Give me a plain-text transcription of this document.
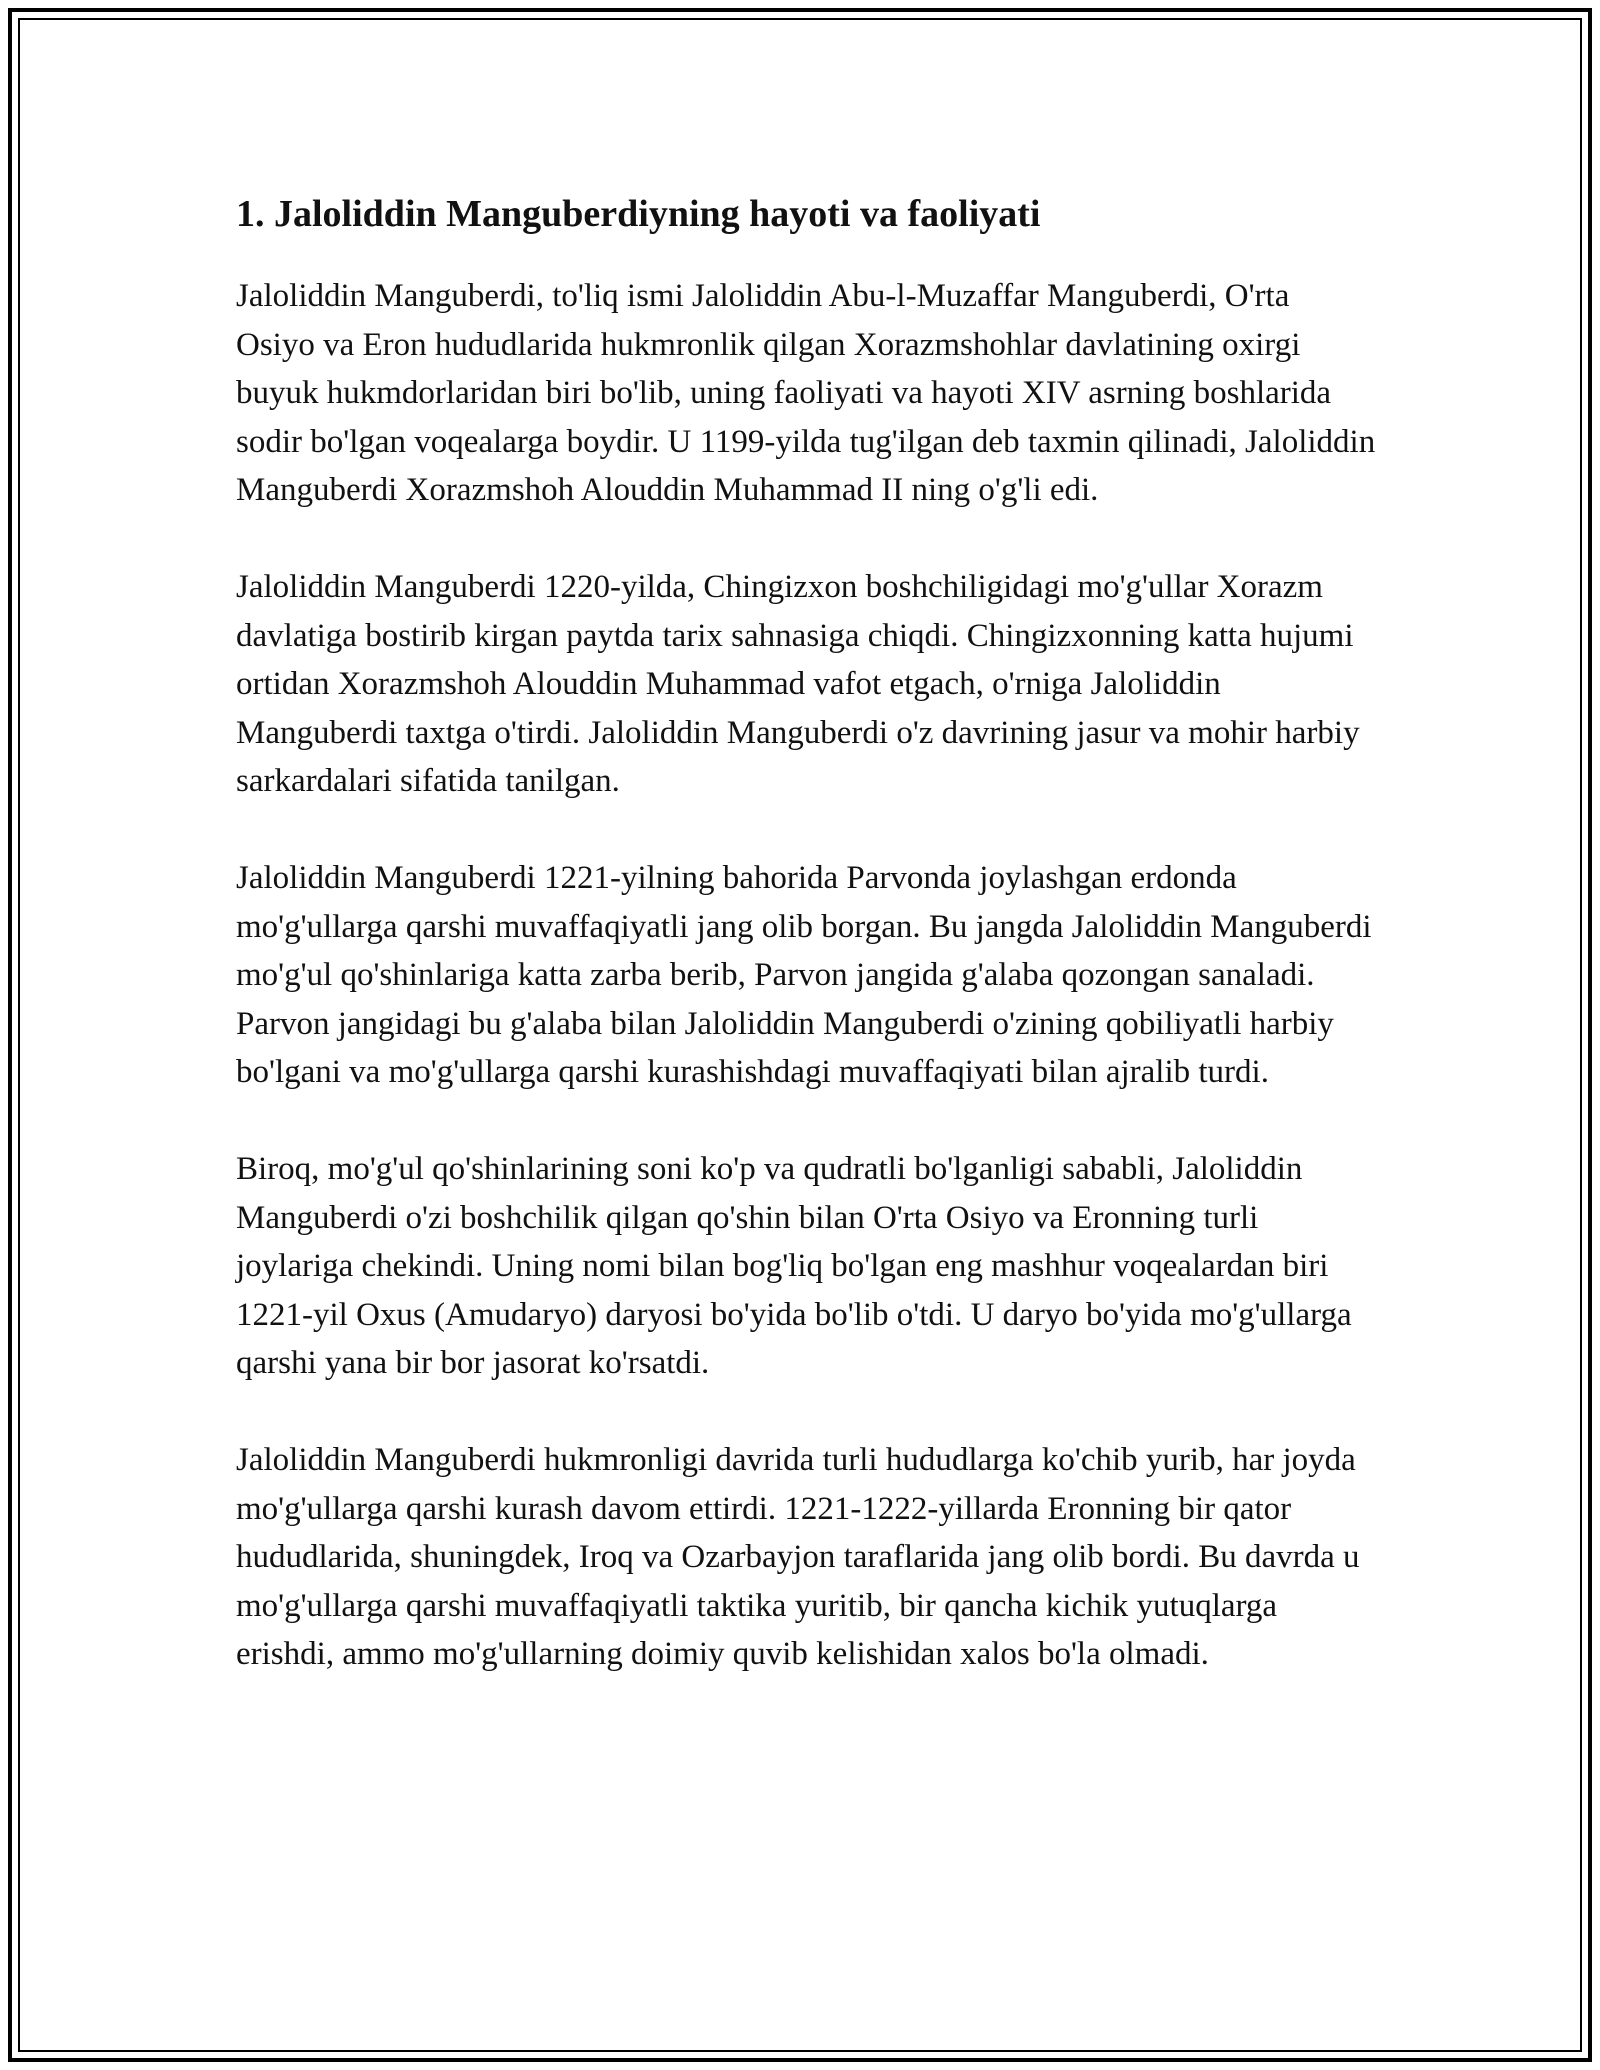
1. Jaloliddin Manguberdiyning hayoti va faoliyati

Jaloliddin Manguberdi, to'liq ismi Jaloliddin Abu-l-Muzaffar Manguberdi, O'rta Osiyo va Eron hududlarida hukmronlik qilgan Xorazmshohlar davlatining oxirgi buyuk hukmdorlaridan biri bo'lib, uning faoliyati va hayoti XIV asrning boshlarida sodir bo'lgan voqealarga boydir. U 1199-yilda tug'ilgan deb taxmin qilinadi, Jaloliddin Manguberdi Xorazmshoh Alouddin Muhammad II ning o'g'li edi.

Jaloliddin Manguberdi 1220-yilda, Chingizxon boshchiligidagi mo'g'ullar Xorazm davlatiga bostirib kirgan paytda tarix sahnasiga chiqdi. Chingizxonning katta hujumi ortidan Xorazmshoh Alouddin Muhammad vafot etgach, o'rniga Jaloliddin Manguberdi taxtga o'tirdi. Jaloliddin Manguberdi o'z davrining jasur va mohir harbiy sarkardalari sifatida tanilgan.

Jaloliddin Manguberdi 1221-yilning bahorida Parvonda joylashgan erdonda mo'g'ullarga qarshi muvaffaqiyatli jang olib borgan. Bu jangda Jaloliddin Manguberdi mo'g'ul qo'shinlariga katta zarba berib, Parvon jangida g'alaba qozongan sanaladi. Parvon jangidagi bu g'alaba bilan Jaloliddin Manguberdi o'zining qobiliyatli harbiy bo'lgani va mo'g'ullarga qarshi kurashishdagi muvaffaqiyati bilan ajralib turdi.

Biroq, mo'g'ul qo'shinlarining soni ko'p va qudratli bo'lganligi sababli, Jaloliddin Manguberdi o'zi boshchilik qilgan qo'shin bilan O'rta Osiyo va Eronning turli joylariga chekindi. Uning nomi bilan bog'liq bo'lgan eng mashhur voqealardan biri 1221-yil Oxus (Amudaryo) daryosi bo'yida bo'lib o'tdi. U daryo bo'yida mo'g'ullarga qarshi yana bir bor jasorat ko'rsatdi.

Jaloliddin Manguberdi hukmronligi davrida turli hududlarga ko'chib yurib, har joyda mo'g'ullarga qarshi kurash davom ettirdi. 1221-1222-yillarda Eronning bir qator hududlarida, shuningdek, Iroq va Ozarbayjon taraflarida jang olib bordi. Bu davrda u mo'g'ullarga qarshi muvaffaqiyatli taktika yuritib, bir qancha kichik yutuqlarga erishdi, ammo mo'g'ullarning doimiy quvib kelishidan xalos bo'la olmadi.
